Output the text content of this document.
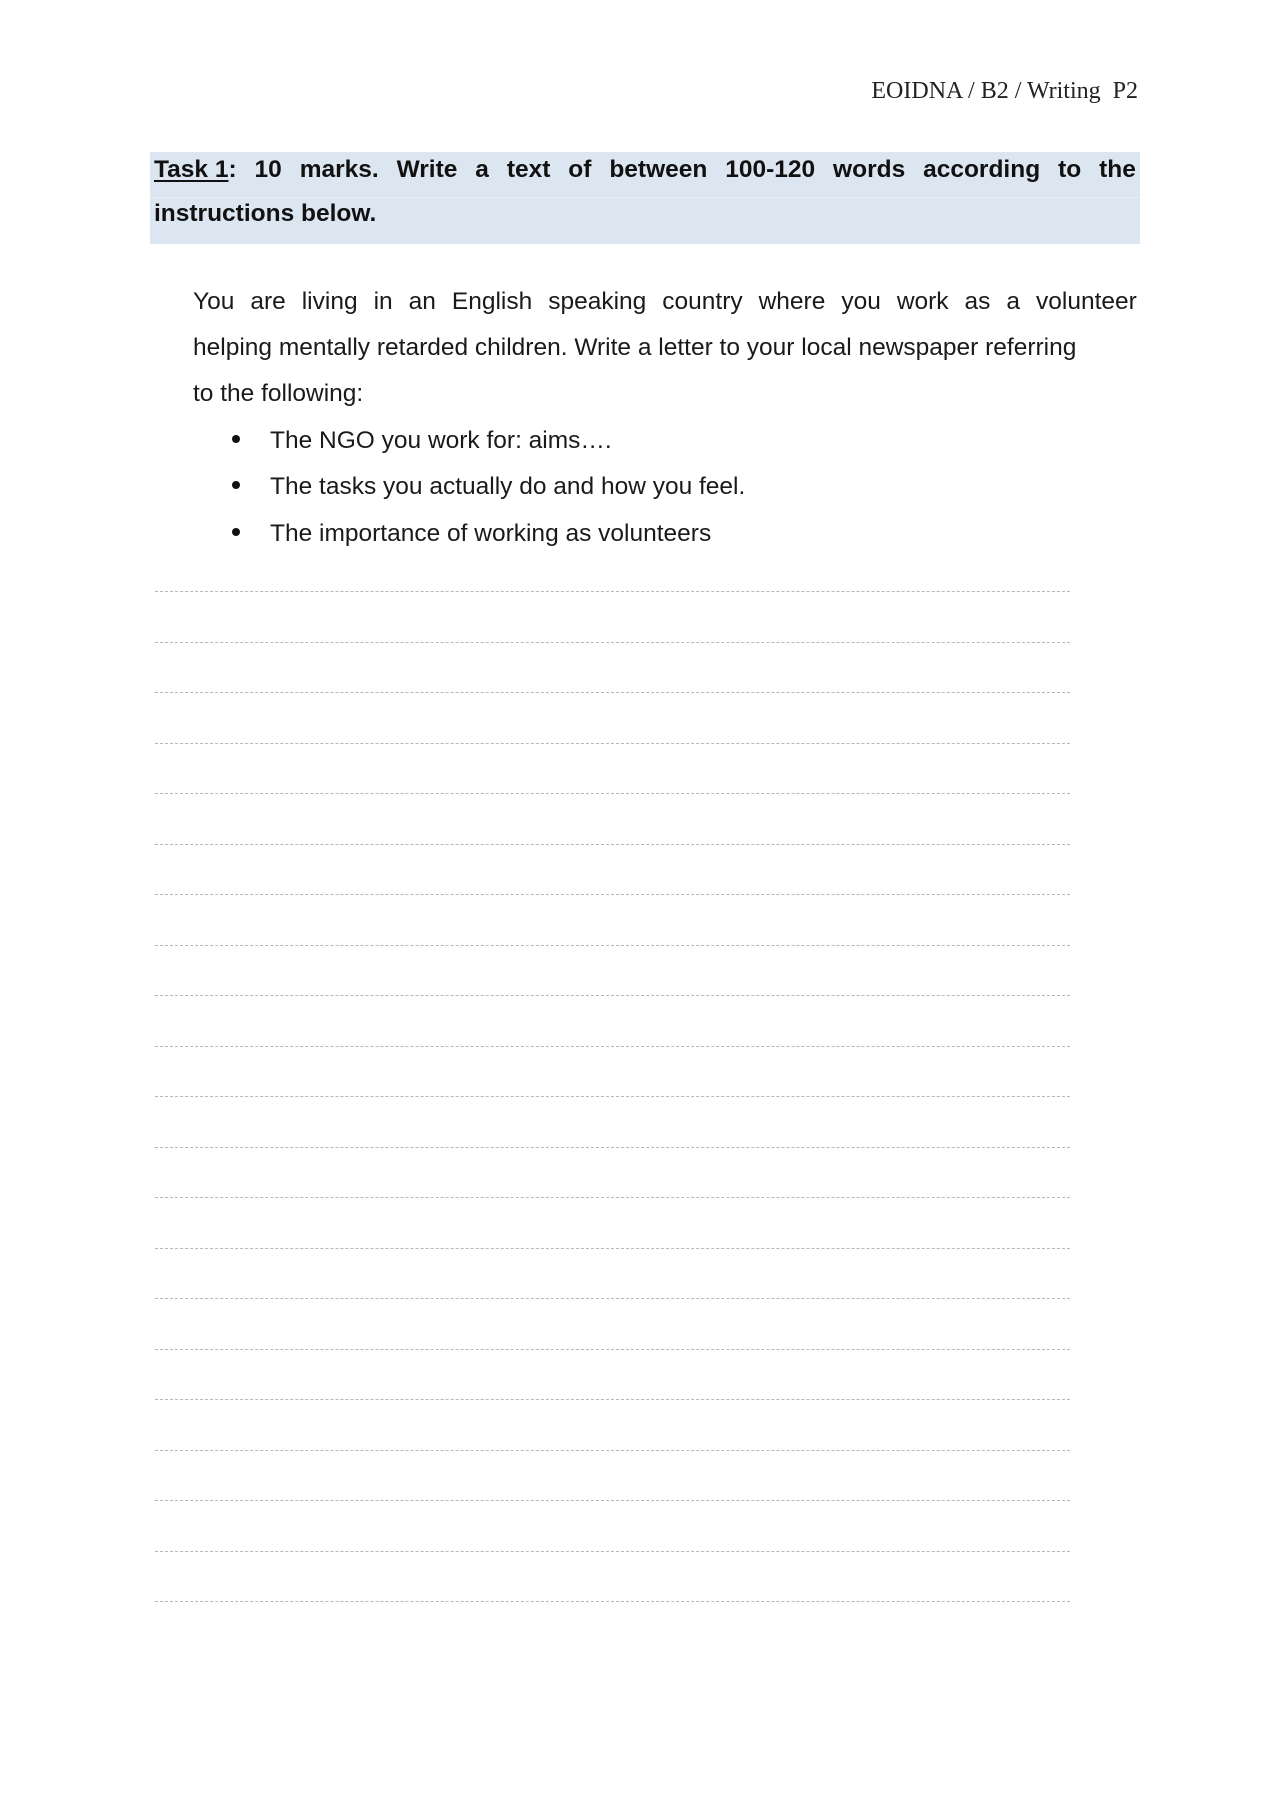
EOIDNA / B2 / Writing  P2
Task 1: 10 marks. Write a text of between 100-120 words according to the
instructions below.
You are living in an English speaking country where you work as a volunteer
helping mentally retarded children. Write a letter to your local newspaper referring
to the following:
The NGO you work for: aims….
The tasks you actually do and how you feel.
The importance of working as volunteers
